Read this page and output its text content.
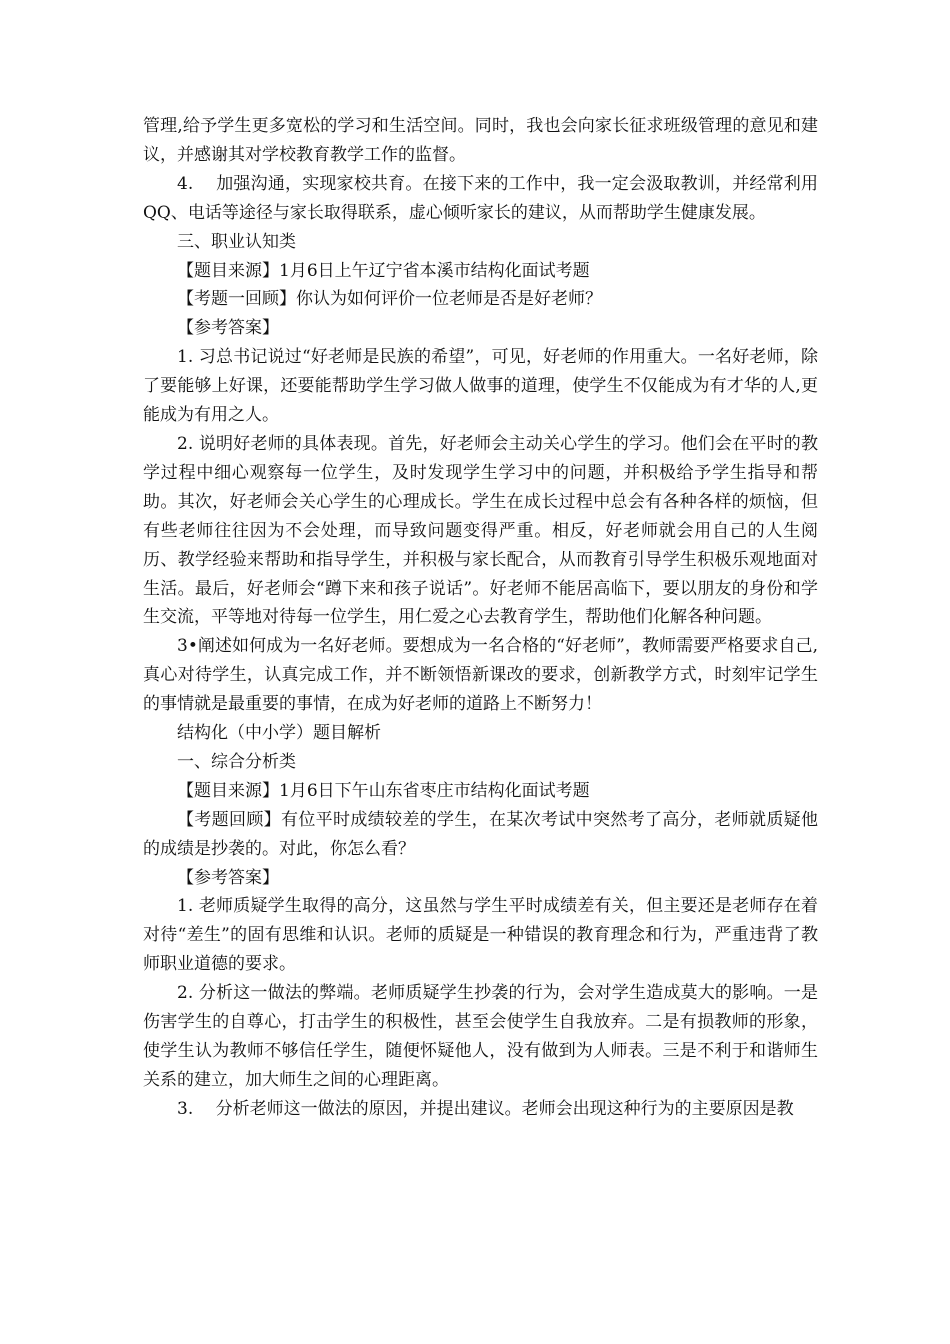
管理,给予学生更多宽松的学习和生活空间。同时，我也会向家长征求班级管理的意见和建议，并感谢其对学校教育教学工作的监督。

4.　 加强沟通，实现家校共育。在接下来的工作中，我一定会汲取教训，并经常利用QQ、电话等途径与家长取得联系，虚心倾听家长的建议，从而帮助学生健康发展。

三、职业认知类

【题目来源】1月6日上午辽宁省本溪市结构化面试考题

【考题一回顾】你认为如何评价一位老师是否是好老师？

【参考答案】

1. 习总书记说过“好老师是民族的希望”，可见，好老师的作用重大。一名好老师，除了要能够上好课，还要能帮助学生学习做人做事的道理，使学生不仅能成为有才华的人,更能成为有用之人。

2. 说明好老师的具体表现。首先，好老师会主动关心学生的学习。他们会在平时的教学过程中细心观察每一位学生，及时发现学生学习中的问题，并积极给予学生指导和帮助。其次，好老师会关心学生的心理成长。学生在成长过程中总会有各种各样的烦恼，但有些老师往往因为不会处理，而导致问题变得严重。相反，好老师就会用自己的人生阅历、教学经验来帮助和指导学生，并积极与家长配合，从而教育引导学生积极乐观地面对生活。最后，好老师会“蹲下来和孩子说话”。好老师不能居高临下，要以朋友的身份和学生交流，平等地对待每一位学生，用仁爱之心去教育学生，帮助他们化解各种问题。

3•阐述如何成为一名好老师。要想成为一名合格的“好老师”，教师需要严格要求自己,真心对待学生，认真完成工作，并不断领悟新课改的要求，创新教学方式，时刻牢记学生的事情就是最重要的事情，在成为好老师的道路上不断努力！

结构化（中小学）题目解析

一、综合分析类

【题目来源】1月6日下午山东省枣庄市结构化面试考题

【考题回顾】有位平时成绩较差的学生，在某次考试中突然考了高分，老师就质疑他的成绩是抄袭的。对此，你怎么看？

【参考答案】

1. 老师质疑学生取得的高分，这虽然与学生平时成绩差有关，但主要还是老师存在着对待“差生”的固有思维和认识。老师的质疑是一种错误的教育理念和行为，严重违背了教师职业道德的要求。

2. 分析这一做法的弊端。老师质疑学生抄袭的行为，会对学生造成莫大的影响。一是伤害学生的自尊心，打击学生的积极性，甚至会使学生自我放弃。二是有损教师的形象，使学生认为教师不够信任学生，随便怀疑他人，没有做到为人师表。三是不利于和谐师生关系的建立，加大师生之间的心理距离。

3.　 分析老师这一做法的原因，并提出建议。老师会出现这种行为的主要原因是教
